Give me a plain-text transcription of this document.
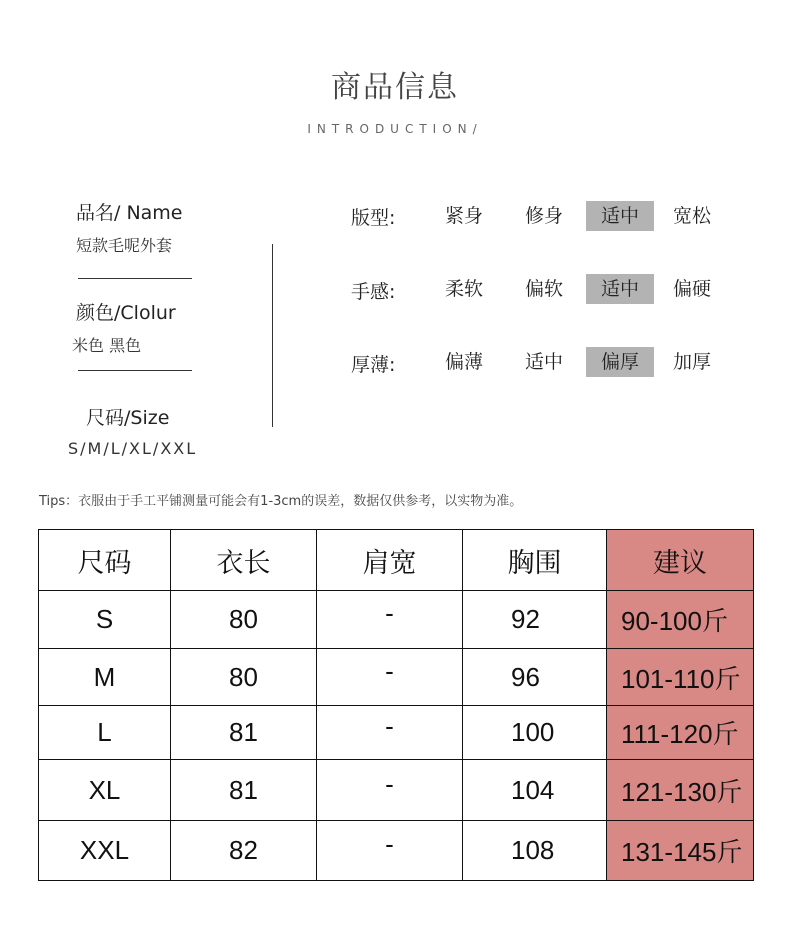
商品信息
INTRODUCTION/
品名/ Name
短款毛呢外套
颜色/Clolur
米色 黑色
尺码/Size
S/M/L/XL/XXL
版型:	紧身	修身	适中	宽松
手感:	柔软	偏软	适中	偏硬
厚薄:	偏薄	适中	偏厚	加厚
Tips：衣服由于手工平铺测量可能会有1-3cm的误差，数据仅供参考，以实物为准。
尺码	衣长	肩宽	胸围	建议
S	80	-	92	90-100斤
M	80	-	96	101-110斤
L	81	-	100	111-120斤
XL	81	-	104	121-130斤
XXL	82	-	108	131-145斤
